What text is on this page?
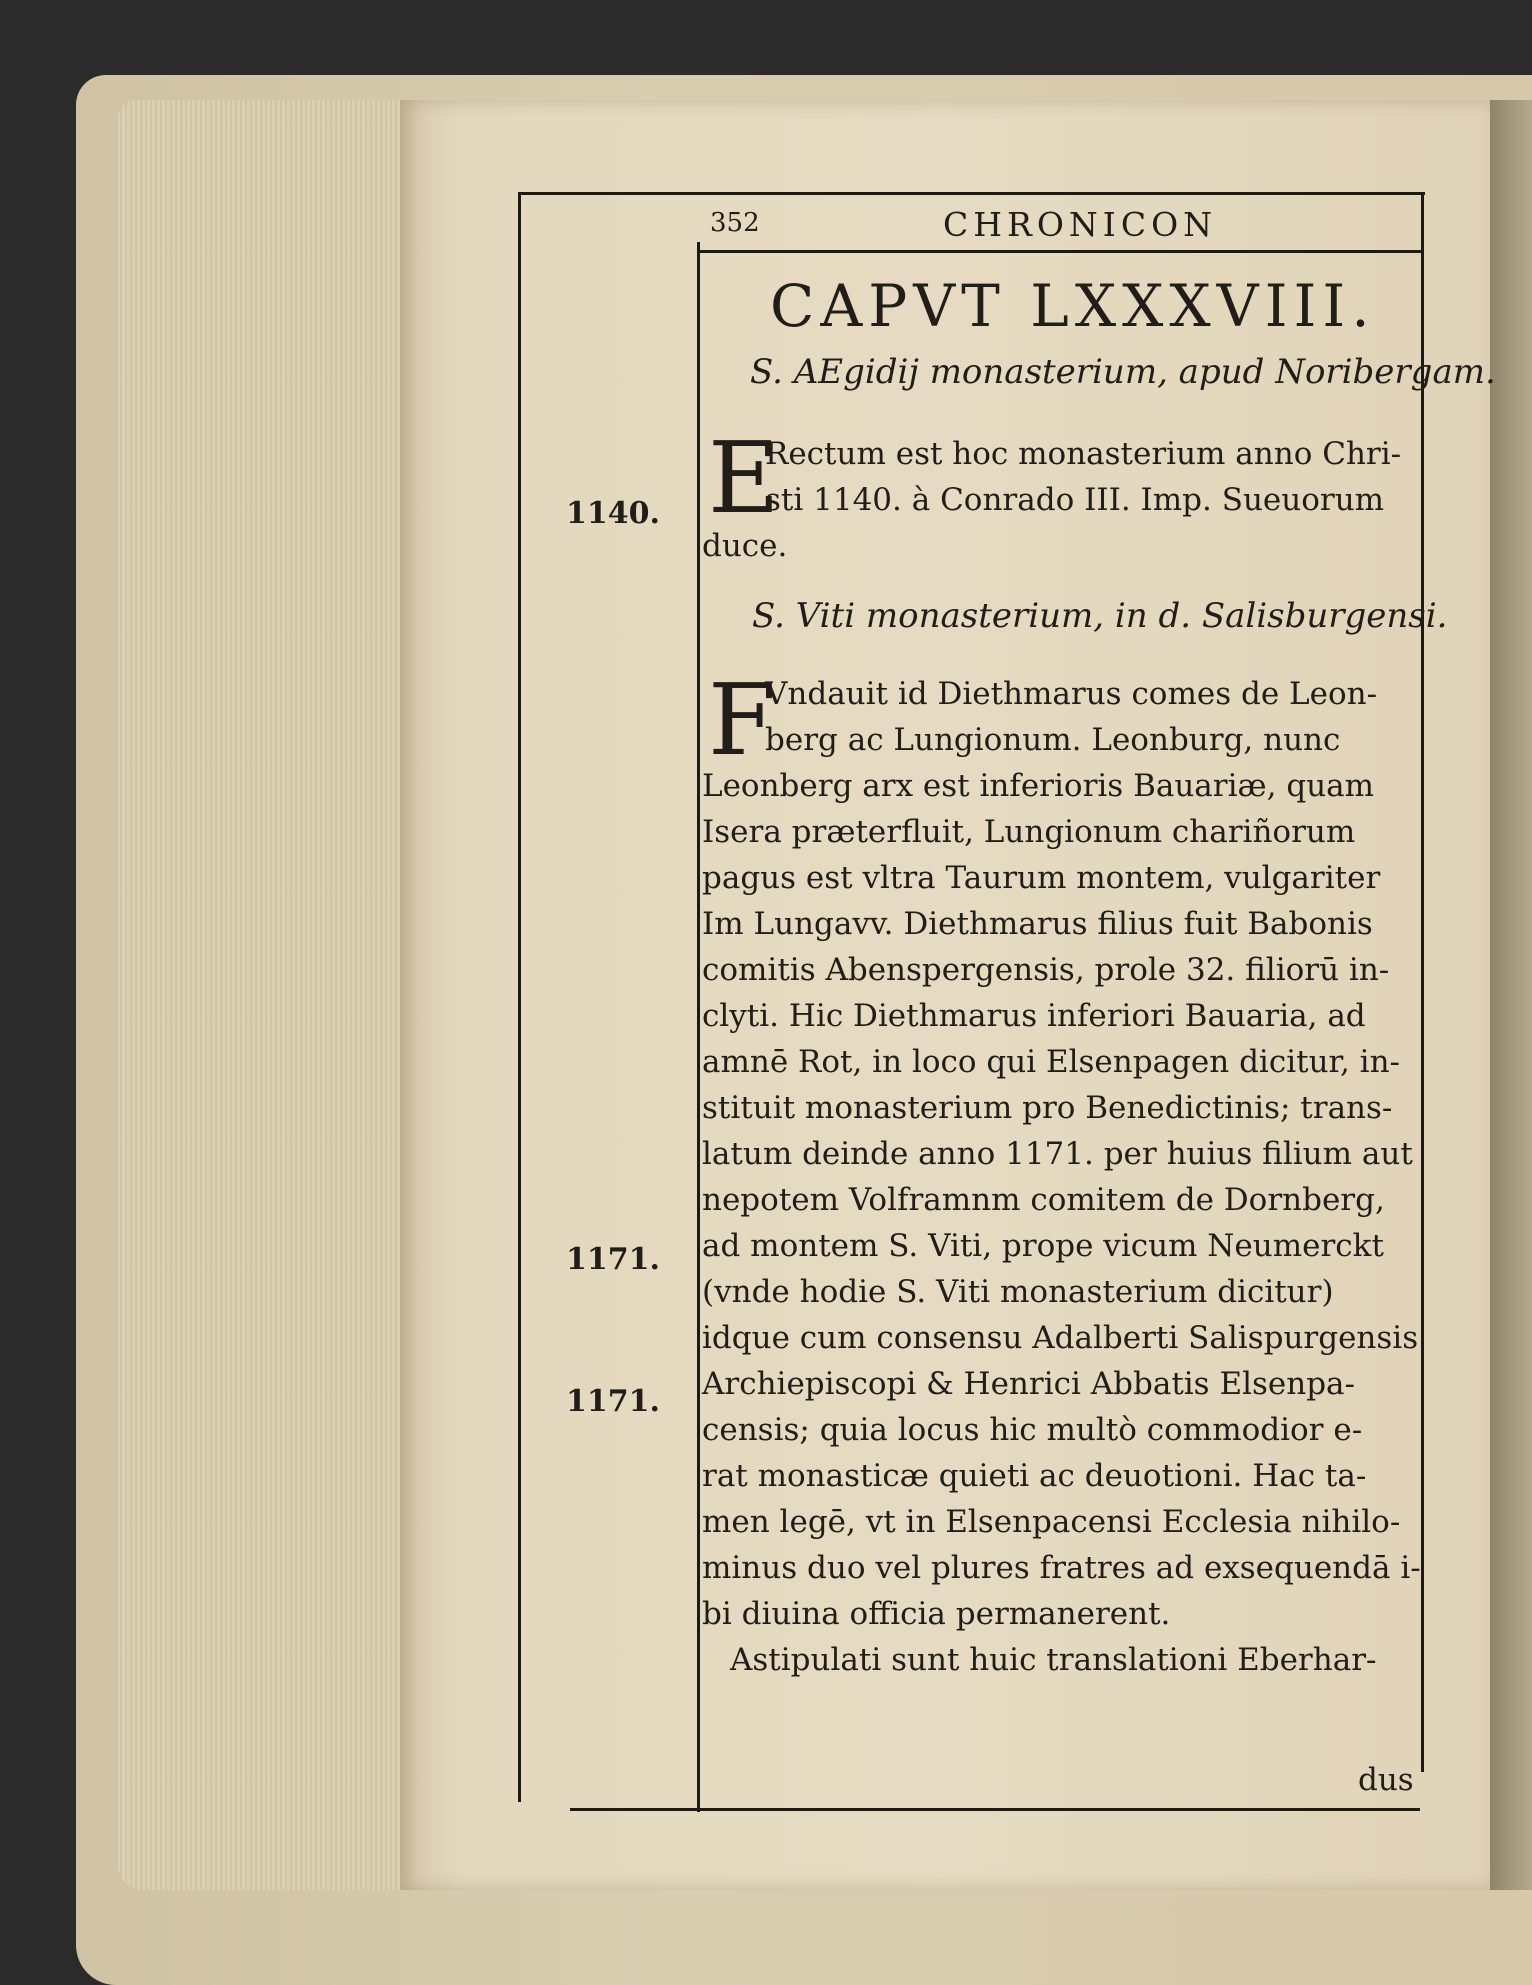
352	CHRONICON
CAPVT LXXXVIII.
S. AEgidij monasterium, apud Noribergam.
E
Rectum est hoc monasterium anno Chri-
sti 1140. à Conrado III. Imp. Sueuorum
duce.
S. Viti monasterium, in d. Salisburgensi.
F
Vndauit id Diethmarus comes de Leon-
berg ac Lungionum. Leonburg, nunc
Leonberg arx est inferioris Bauariæ, quam
Isera præterfluit, Lungionum chariñorum
pagus est vltra Taurum montem, vulgariter
Im Lungavv. Diethmarus filius fuit Babonis
comitis Abenspergensis, prole 32. filiorū in-
clyti. Hic Diethmarus inferiori Bauaria, ad
amnē Rot, in loco qui Elsenpagen dicitur, in-
stituit monasterium pro Benedictinis; trans-
latum deinde anno 1171. per huius filium aut
nepotem Volframnm comitem de Dornberg,
ad montem S. Viti, prope vicum Neumerckt
(vnde hodie S. Viti monasterium dicitur)
idque cum consensu Adalberti Salispurgensis
Archiepiscopi & Henrici Abbatis Elsenpa-
censis; quia locus hic multò commodior e-
rat monasticæ quieti ac deuotioni. Hac ta-
men legē, vt in Elsenpacensi Ecclesia nihilo-
minus duo vel plures fratres ad exsequendā i-
bi diuina officia permanerent.
Astipulati sunt huic translationi Eberhar-
dus
1140.
1171.
1171.
